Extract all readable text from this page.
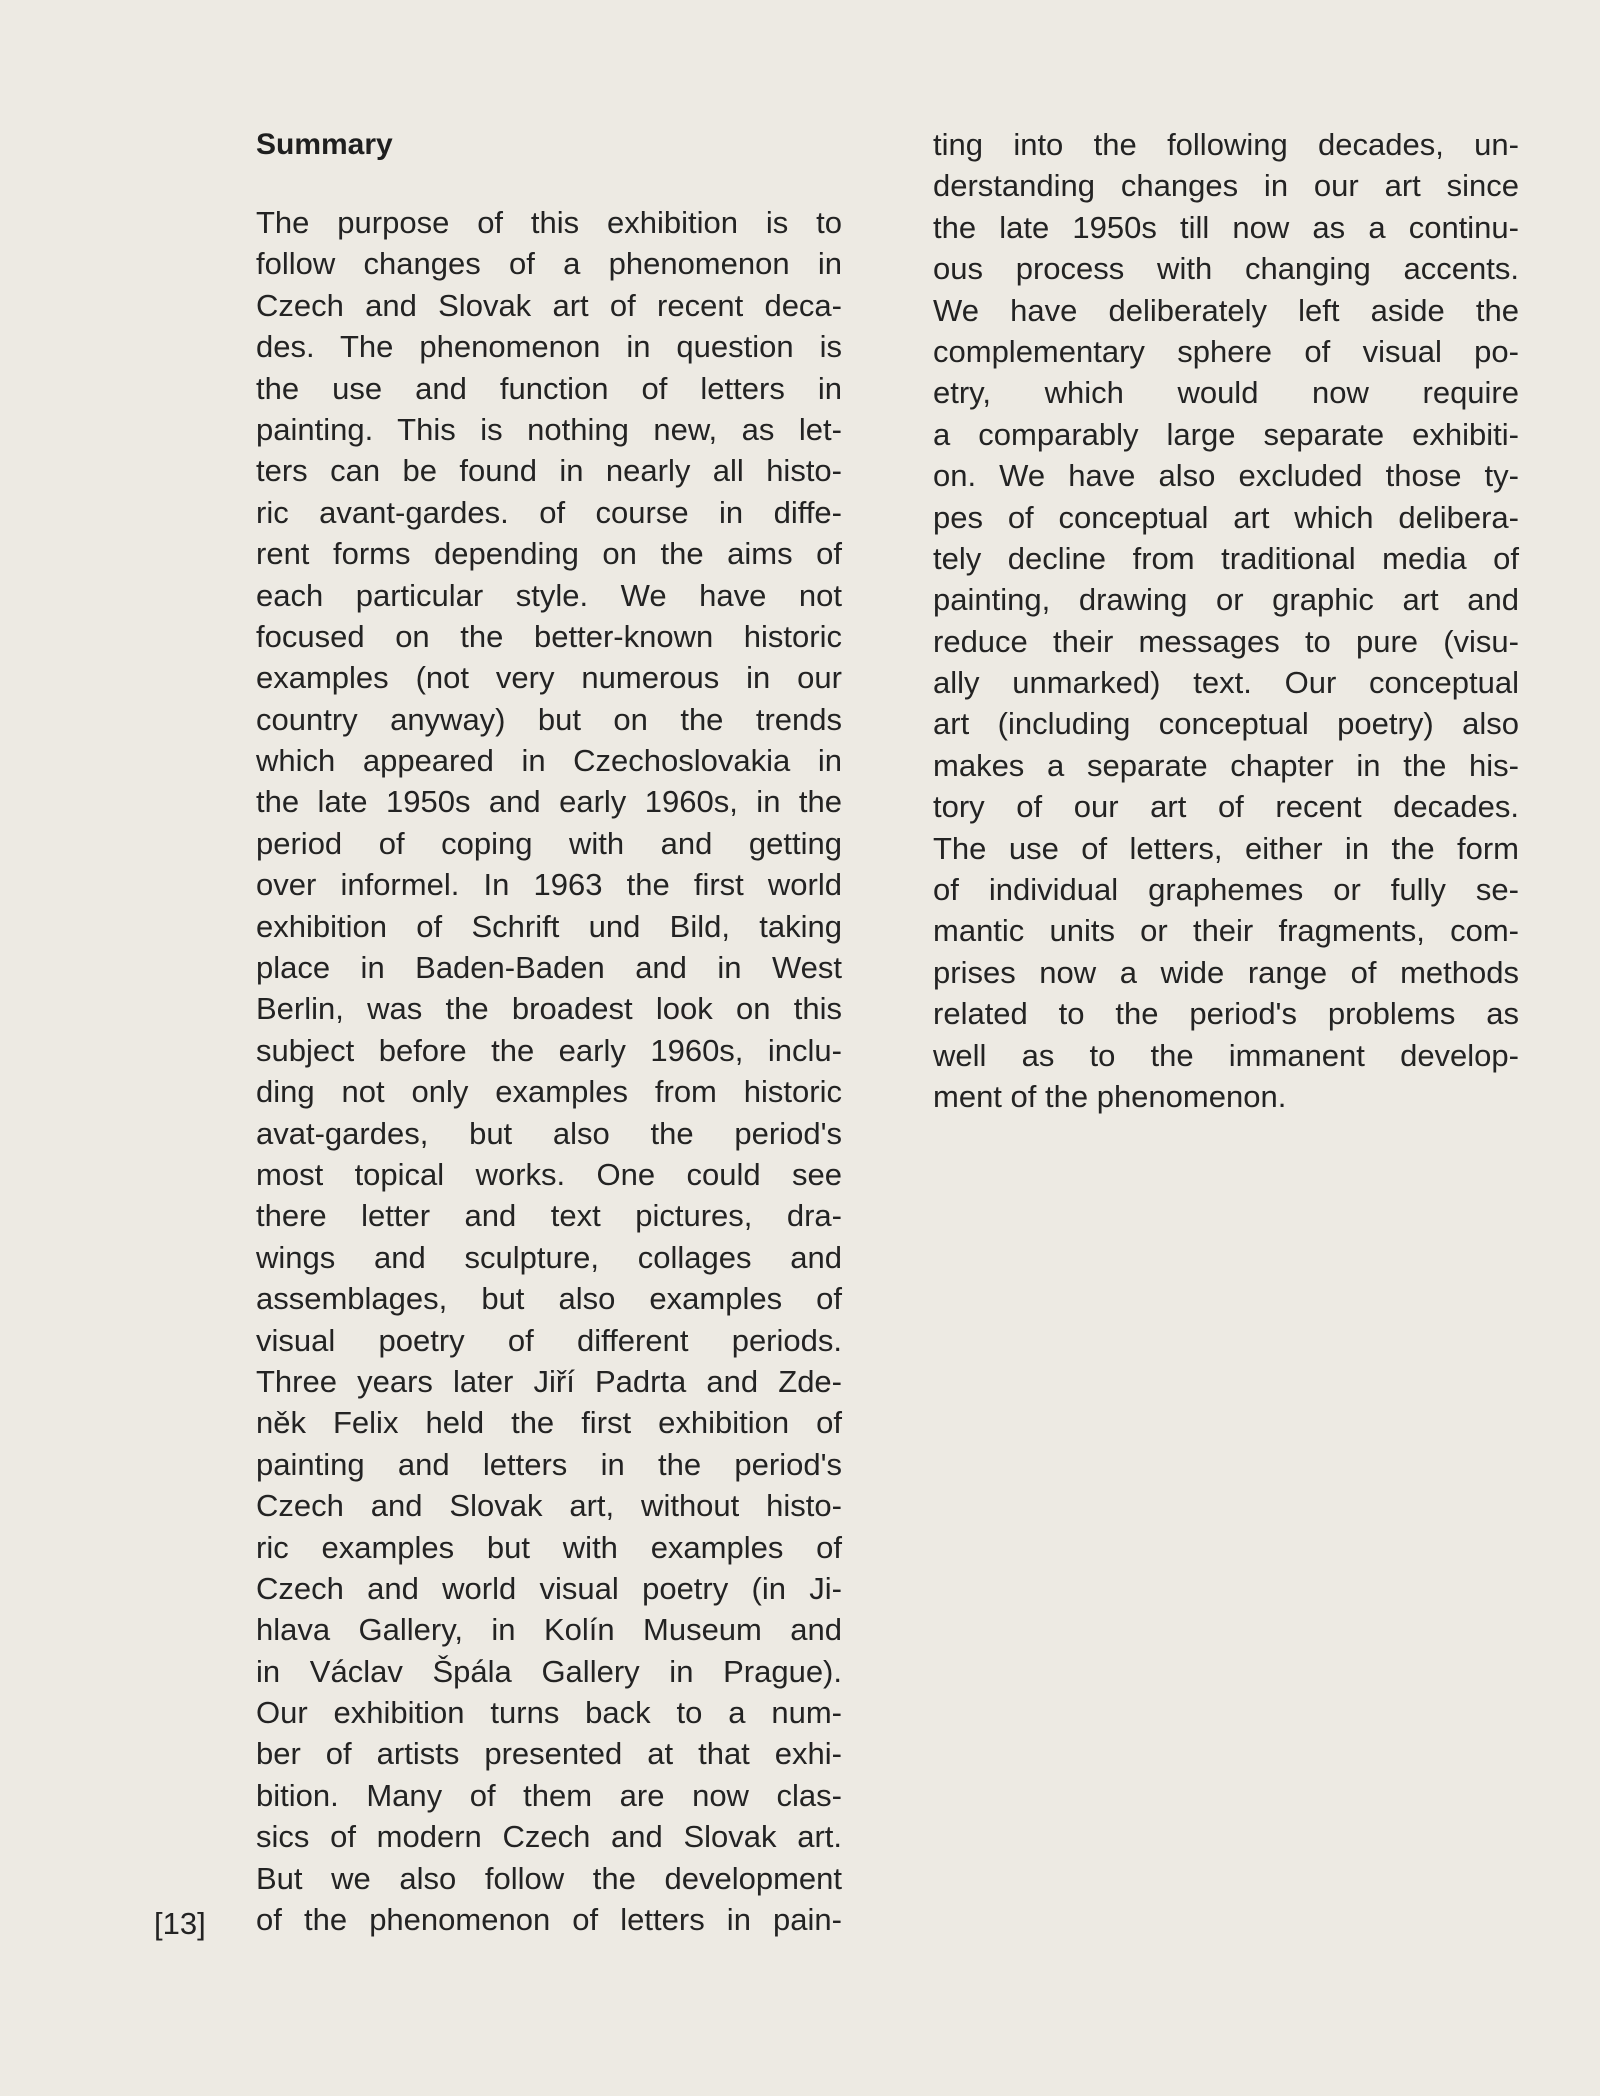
Summary
The purpose of this exhibition is to
follow changes of a phenomenon in
Czech and Slovak art of recent deca-
des. The phenomenon in question is
the use and function of letters in
painting. This is nothing new, as let-
ters can be found in nearly all histo-
ric avant-gardes. of course in diffe-
rent forms depending on the aims of
each particular style. We have not
focused on the better-known historic
examples (not very numerous in our
country anyway) but on the trends
which appeared in Czechoslovakia in
the late 1950s and early 1960s, in the
period of coping with and getting
over informel. In 1963 the first world
exhibition of Schrift und Bild, taking
place in Baden-Baden and in West
Berlin, was the broadest look on this
subject before the early 1960s, inclu-
ding not only examples from historic
avat-gardes, but also the period's
most topical works. One could see
there letter and text pictures, dra-
wings and sculpture, collages and
assemblages, but also examples of
visual poetry of different periods.
Three years later Jiří Padrta and Zde-
něk Felix held the first exhibition of
painting and letters in the period's
Czech and Slovak art, without histo-
ric examples but with examples of
Czech and world visual poetry (in Ji-
hlava Gallery, in Kolín Museum and
in Václav Špála Gallery in Prague).
Our exhibition turns back to a num-
ber of artists presented at that exhi-
bition. Many of them are now clas-
sics of modern Czech and Slovak art.
But we also follow the development
of the phenomenon of letters in pain-
ting into the following decades, un-
derstanding changes in our art since
the late 1950s till now as a continu-
ous process with changing accents.
We have deliberately left aside the
complementary sphere of visual po-
etry, which would now require
a comparably large separate exhibiti-
on. We have also excluded those ty-
pes of conceptual art which delibera-
tely decline from traditional media of
painting, drawing or graphic art and
reduce their messages to pure (visu-
ally unmarked) text. Our conceptual
art (including conceptual poetry) also
makes a separate chapter in the his-
tory of our art of recent decades.
The use of letters, either in the form
of individual graphemes or fully se-
mantic units or their fragments, com-
prises now a wide range of methods
related to the period's problems as
well as to the immanent develop-
ment of the phenomenon.
[13]
